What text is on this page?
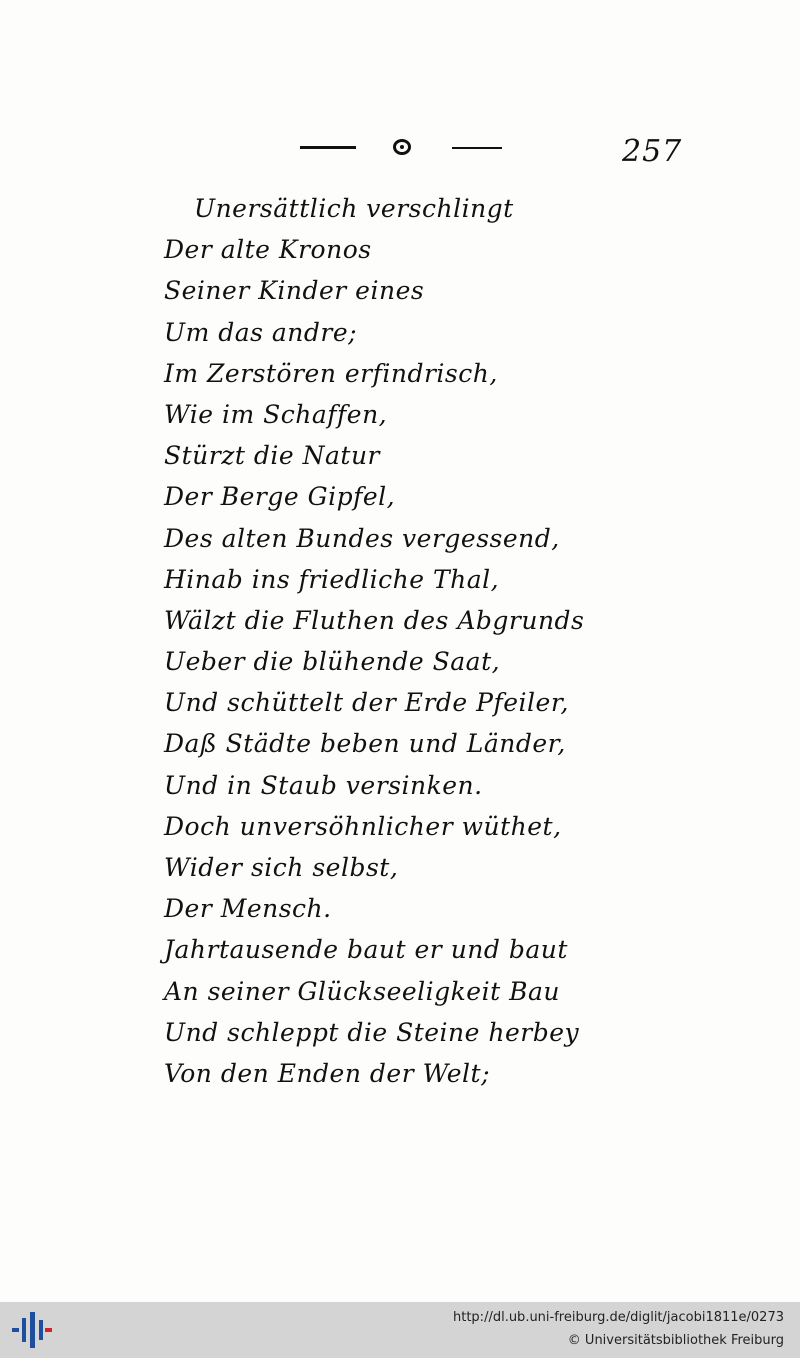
257
Unersättlich verschlingt
Der alte Kronos
Seiner Kinder eines
Um das andre;
Im Zerstören erfindrisch,
Wie im Schaffen,
Stürzt die Natur
Der Berge Gipfel,
Des alten Bundes vergessend,
Hinab ins friedliche Thal,
Wälzt die Fluthen des Abgrunds
Ueber die blühende Saat,
Und schüttelt der Erde Pfeiler,
Daß Städte beben und Länder,
Und in Staub versinken.
Doch unversöhnlicher wüthet,
Wider sich selbst,
Der Mensch.
Jahrtausende baut er und baut
An seiner Glückseeligkeit Bau
Und schleppt die Steine herbey
Von den Enden der Welt;
http://dl.ub.uni-freiburg.de/diglit/jacobi1811e/0273
© Universitätsbibliothek Freiburg
